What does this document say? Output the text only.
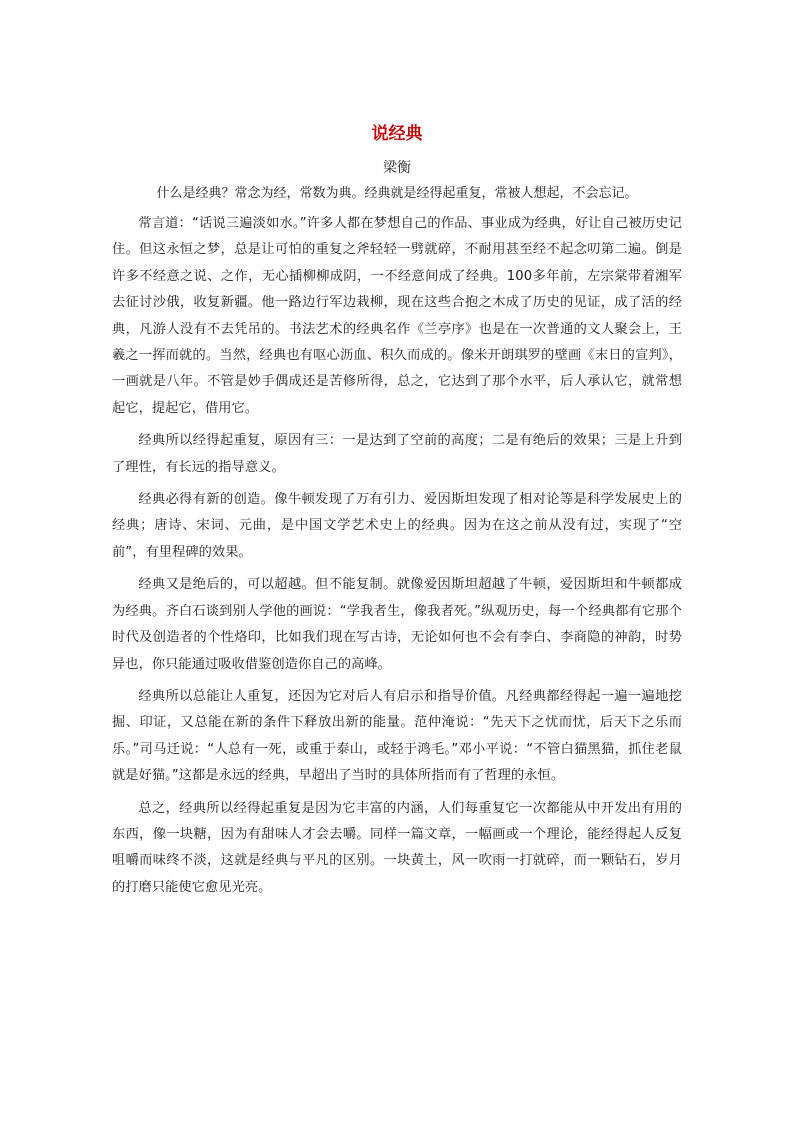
说经典
梁衡
什么是经典？常念为经，常数为典。经典就是经得起重复，常被人想起，不会忘记。

常言道：“话说三遍淡如水。”许多人都在梦想自己的作品、事业成为经典，好让自己被历史记住。但这永恒之梦，总是让可怕的重复之斧轻轻一劈就碎，不耐用甚至经不起念叨第二遍。倒是许多不经意之说、之作，无心插柳柳成阴，一不经意间成了经典。100多年前，左宗棠带着湘军去征讨沙俄，收复新疆。他一路边行军边栽柳，现在这些合抱之木成了历史的见证，成了活的经典，凡游人没有不去凭吊的。书法艺术的经典名作《兰亭序》也是在一次普通的文人聚会上，王羲之一挥而就的。当然，经典也有呕心沥血、积久而成的。像米开朗琪罗的壁画《末日的宣判》，一画就是八年。不管是妙手偶成还是苦修所得，总之，它达到了那个水平，后人承认它，就常想起它，提起它，借用它。

经典所以经得起重复，原因有三：一是达到了空前的高度；二是有绝后的效果；三是上升到了理性，有长远的指导意义。

经典必得有新的创造。像牛顿发现了万有引力、爱因斯坦发现了相对论等是科学发展史上的经典；唐诗、宋词、元曲，是中国文学艺术史上的经典。因为在这之前从没有过，实现了“空前”，有里程碑的效果。

经典又是绝后的，可以超越。但不能复制。就像爱因斯坦超越了牛顿，爱因斯坦和牛顿都成为经典。齐白石谈到别人学他的画说：“学我者生，像我者死。”纵观历史，每一个经典都有它那个时代及创造者的个性烙印，比如我们现在写古诗，无论如何也不会有李白、李商隐的神韵，时势异也，你只能通过吸收借鉴创造你自己的高峰。

经典所以总能让人重复，还因为它对后人有启示和指导价值。凡经典都经得起一遍一遍地挖掘、印证，又总能在新的条件下释放出新的能量。范仲淹说：“先天下之忧而忧，后天下之乐而乐。”司马迁说：“人总有一死，或重于泰山，或轻于鸿毛。”邓小平说：“不管白猫黑猫，抓住老鼠就是好猫。”这都是永远的经典，早超出了当时的具体所指而有了哲理的永恒。

总之，经典所以经得起重复是因为它丰富的内涵，人们每重复它一次都能从中开发出有用的东西，像一块糖，因为有甜味人才会去嚼。同样一篇文章，一幅画或一个理论，能经得起人反复咀嚼而味终不淡，这就是经典与平凡的区别。一块黄土，风一吹雨一打就碎，而一颗钻石，岁月的打磨只能使它愈见光亮。
